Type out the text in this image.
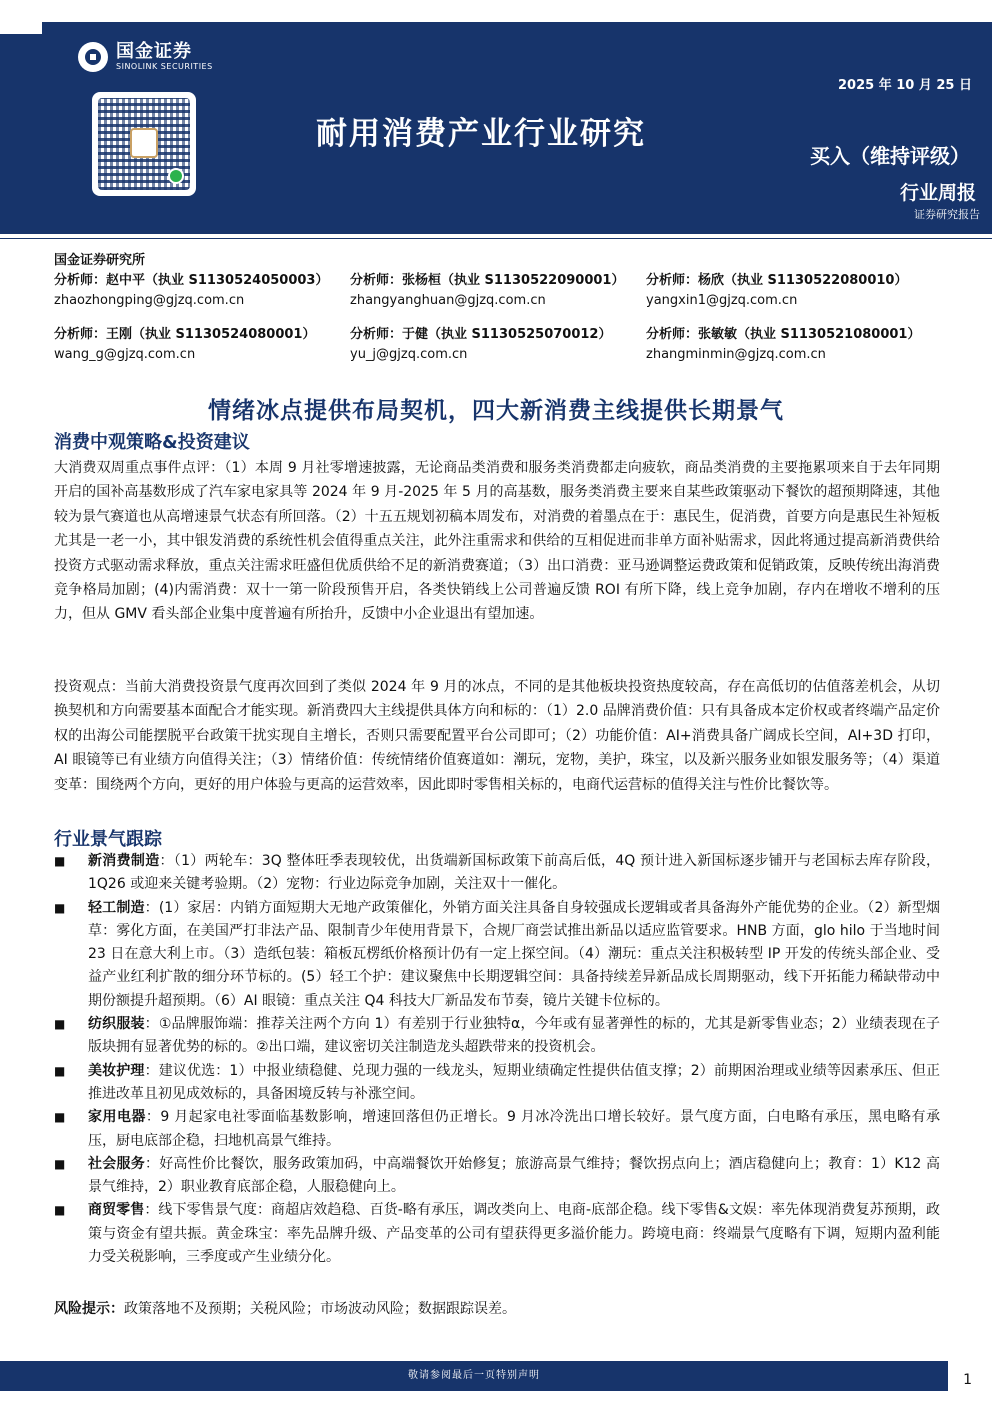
2025 年 10 月 25 日
买入（维持评级）
行业周报
证券研究报告
国金证券
SINOLINK SECURITIES
耐用消费产业行业研究
国金证券研究所
分析师：赵中平（执业 S1130524050003）
zhaozhongping@gjzq.com.cn
分析师：张杨桓（执业 S1130522090001）
zhangyanghuan@gjzq.com.cn
分析师：杨欣（执业 S1130522080010）
yangxin1@gjzq.com.cn
分析师：王刚（执业 S1130524080001）
wang_g@gjzq.com.cn
分析师：于健（执业 S1130525070012）
yu_j@gjzq.com.cn
分析师：张敏敏（执业 S1130521080001）
zhangminmin@gjzq.com.cn
情绪冰点提供布局契机，四大新消费主线提供长期景气
消费中观策略&投资建议

大消费双周重点事件点评：（1）本周 9 月社零增速披露，无论商品类消费和服务类消费都走向疲软，商品类消费的主要拖累项来自于去年同期开启的国补高基数形成了汽车家电家具等 2024 年 9 月-2025 年 5 月的高基数，服务类消费主要来自某些政策驱动下餐饮的超预期降速，其他较为景气赛道也从高增速景气状态有所回落。（2）十五五规划初稿本周发布，对消费的着墨点在于：惠民生，促消费，首要方向是惠民生补短板尤其是一老一小，其中银发消费的系统性机会值得重点关注，此外注重需求和供给的互相促进而非单方面补贴需求，因此将通过提高新消费供给投资方式驱动需求释放，重点关注需求旺盛但优质供给不足的新消费赛道；（3）出口消费：亚马逊调整运费政策和促销政策，反映传统出海消费竞争格局加剧；(4)内需消费：双十一第一阶段预售开启，各类快销线上公司普遍反馈 ROI 有所下降，线上竞争加剧，存内在增收不增利的压力，但从 GMV 看头部企业集中度普遍有所抬升，反馈中小企业退出有望加速。

投资观点：当前大消费投资景气度再次回到了类似 2024 年 9 月的冰点，不同的是其他板块投资热度较高，存在高低切的估值落差机会，从切换契机和方向需要基本面配合才能实现。新消费四大主线提供具体方向和标的：（1）2.0 品牌消费价值：只有具备成本定价权或者终端产品定价权的出海公司能摆脱平台政策干扰实现自主增长，否则只需要配置平台公司即可；（2）功能价值：AI+消费具备广阔成长空间，AI+3D 打印，AI 眼镜等已有业绩方向值得关注；（3）情绪价值：传统情绪价值赛道如：潮玩，宠物，美护，珠宝，以及新兴服务业如银发服务等；（4）渠道变革：围绕两个方向，更好的用户体验与更高的运营效率，因此即时零售相关标的，电商代运营标的值得关注与性价比餐饮等。

行业景气跟踪
■	新消费制造：（1）两轮车：3Q 整体旺季表现较优，出货端新国标政策下前高后低，4Q 预计进入新国标逐步铺开与老国标去库存阶段，1Q26 或迎来关键考验期。（2）宠物：行业边际竞争加剧，关注双十一催化。
■	轻工制造：(1）家居：内销方面短期大无地产政策催化，外销方面关注具备自身较强成长逻辑或者具备海外产能优势的企业。（2）新型烟草：雾化方面，在美国严打非法产品、限制青少年使用背景下，合规厂商尝试推出新品以适应监管要求。HNB 方面，glo hilo 于当地时间 23 日在意大利上市。（3）造纸包装：箱板瓦楞纸价格预计仍有一定上探空间。（4）潮玩：重点关注积极转型 IP 开发的传统头部企业、受益产业红利扩散的细分环节标的。(5）轻工个护：建议聚焦中长期逻辑空间：具备持续差异新品成长周期驱动，线下开拓能力稀缺带动中期份额提升超预期。（6）AI 眼镜：重点关注 Q4 科技大厂新品发布节奏，镜片关键卡位标的。
■	纺织服装：①品牌服饰端：推荐关注两个方向 1）有差别于行业独特α，今年或有显著弹性的标的，尤其是新零售业态；2）业绩表现在子版块拥有显著优势的标的。②出口端，建议密切关注制造龙头超跌带来的投资机会。
■	美妆护理：建议优选：1）中报业绩稳健、兑现力强的一线龙头，短期业绩确定性提供估值支撑；2）前期困治理或业绩等因素承压、但正推进改革且初见成效标的，具备困境反转与补涨空间。
■	家用电器：9 月起家电社零面临基数影响，增速回落但仍正增长。9 月冰冷洗出口增长较好。景气度方面，白电略有承压，黑电略有承压，厨电底部企稳，扫地机高景气维持。
■	社会服务：好高性价比餐饮，服务政策加码，中高端餐饮开始修复；旅游高景气维持；餐饮拐点向上；酒店稳健向上；教育：1）K12 高景气维持，2）职业教育底部企稳，人服稳健向上。
■	商贸零售：线下零售景气度：商超店效趋稳、百货-略有承压，调改类向上、电商-底部企稳。线下零售&文娱：率先体现消费复苏预期，政策与资金有望共振。黄金珠宝：率先品牌升级、产品变革的公司有望获得更多溢价能力。跨境电商：终端景气度略有下调，短期内盈利能力受关税影响，三季度或产生业绩分化。
风险提示：政策落地不及预期；关税风险；市场波动风险；数据跟踪误差。
敬请参阅最后一页特别声明	1
